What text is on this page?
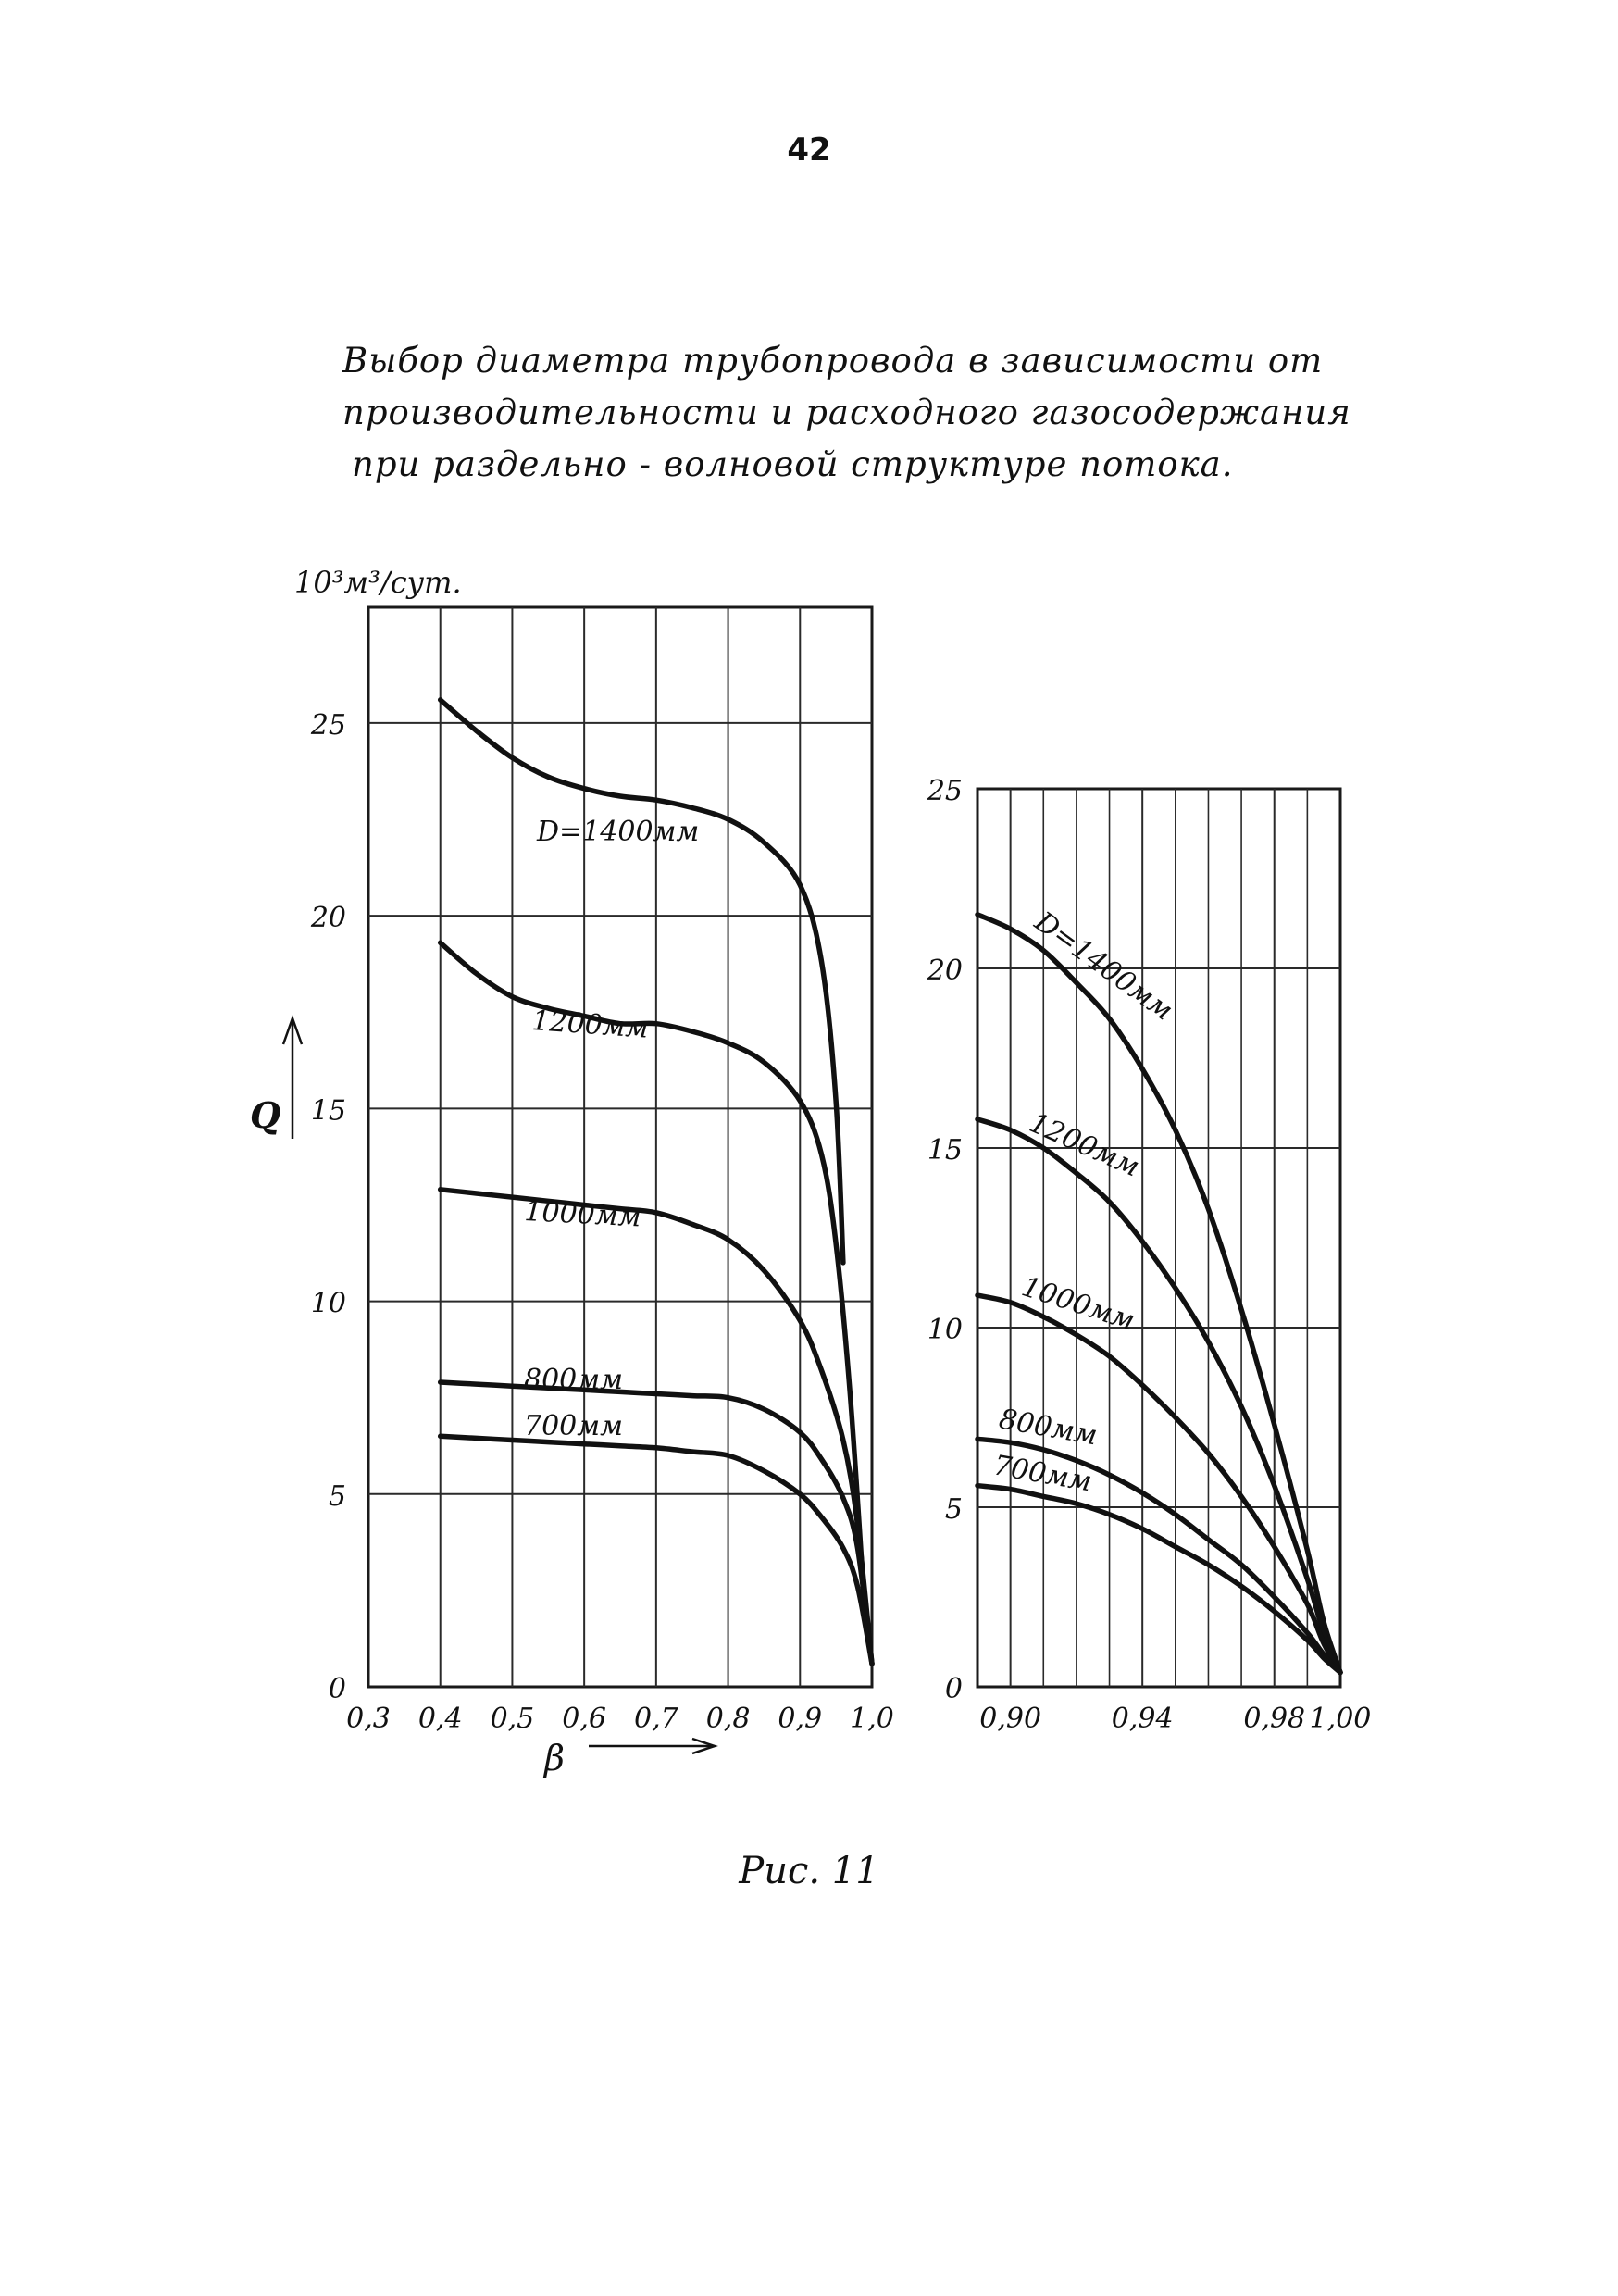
42
Выбор диаметра трубопровода в зависимости от
производительности и расходного газосодержания
при раздельно - волновой структуре потока.
0
5
10
15
20
25
0,3 0,4 0,5 0,6 0,7 0,8 0,9 1,0
D=1400мм
1200мм
1000мм
800мм
700мм
10³м³/сут.
Q
β
0
5
10
15
20
25
0,90	0,94	0,98 1,00
D=1400мм
1200мм
1000мм
800мм
700мм
Рис. 11
